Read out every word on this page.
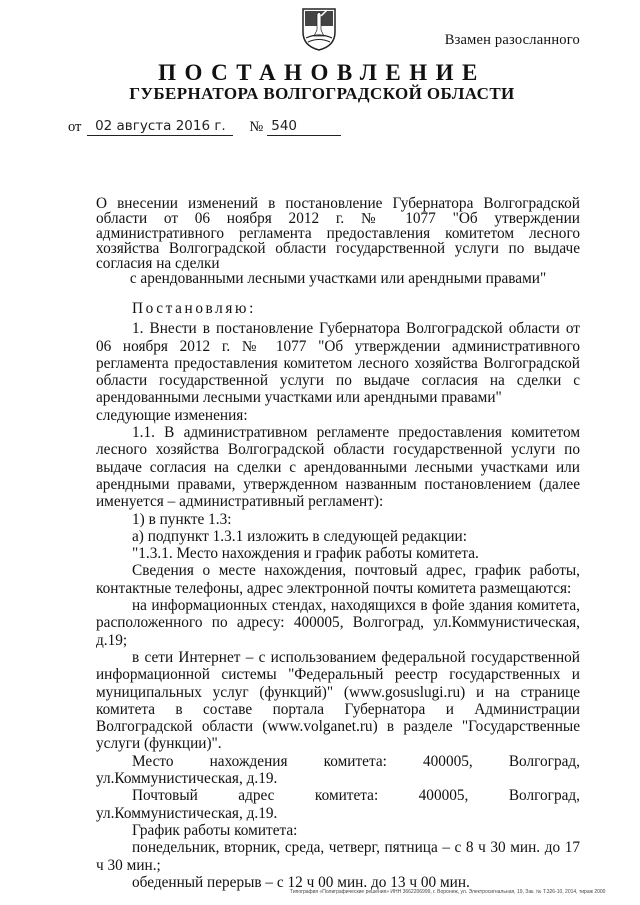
Взамен разосланного
ПОСТАНОВЛЕНИЕ
ГУБЕРНАТОРА ВОЛГОГРАДСКОЙ ОБЛАСТИ
от	02 августа 2016 г.	№ 540
О внесении изменений в постановление Губернатора Волгоградской области от 06 ноября 2012 г. № 1077 "Об утверждении административного регламента предоставления комитетом лесного хозяйства Волгоградской области государственной услуги по выдаче согласия на сделки
с арендованными лесными участками или арендными правами"

Постановляю:

1. Внести в постановление Губернатора Волгоградской области от 06 ноября 2012 г. № 1077 "Об утверждении административного регламента предоставления комитетом лесного хозяйства Волгоградской области государственной услуги по выдаче согласия на сделки с арендованными лесными участками или арендными правами"

следующие изменения:

1.1. В административном регламенте предоставления комитетом лесного хозяйства Волгоградской области государственной услуги по выдаче согласия на сделки с арендованными лесными участками или арендными правами, утвержденном названным постановлением (далее именуется – административный регламент):

1) в пункте 1.3:

а) подпункт 1.3.1 изложить в следующей редакции:

"1.3.1. Место нахождения и график работы комитета.

Сведения о месте нахождения, почтовый адрес, график работы, контактные телефоны, адрес электронной почты комитета размещаются:

на информационных стендах, находящихся в фойе здания комитета, расположенного по адресу: 400005, Волгоград, ул.Коммунистическая, д.19;

в сети Интернет – с использованием федеральной государственной информационной системы "Федеральный реестр государственных и муниципальных услуг (функций)" (www.gosuslugi.ru) и на странице комитета в составе портала Губернатора и Администрации Волгоградской области (www.volganet.ru) в разделе "Государственные услуги (функции)".

Место нахождения комитета: 400005, Волгоград, ул.Коммунистическая, д.19.

Почтовый адрес комитета: 400005, Волгоград, ул.Коммунистическая, д.19.

График работы комитета:

понедельник, вторник, среда, четверг, пятница – с 8 ч 30 мин. до 17 ч 30 мин.;

обеденный перерыв – с 12 ч 00 мин. до 13 ч 00 мин.

Типография «Полиграфические решения» ИНН 3662206999, г. Воронеж, ул. Электросигнальная, 19, Зак. № Т.326-10, 2014, тираж 2000
